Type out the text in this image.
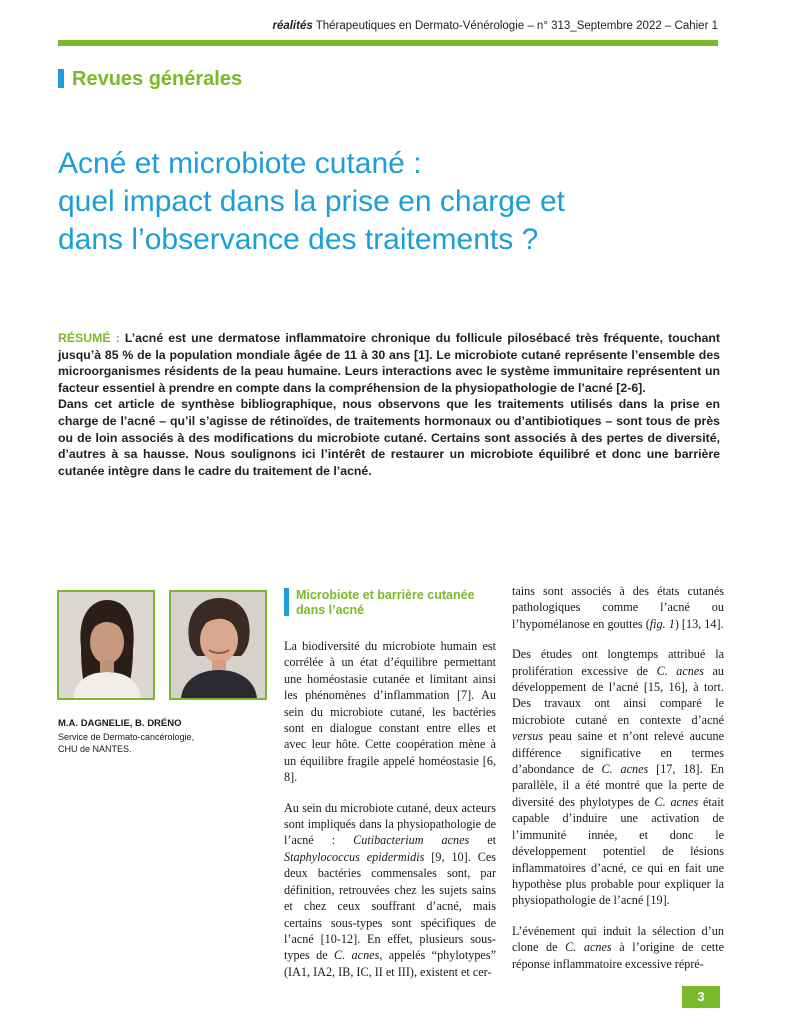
réalités Thérapeutiques en Dermato-Vénérologie – n° 313_Septembre 2022 – Cahier 1
Revues générales
Acné et microbiote cutané :
quel impact dans la prise en charge et
dans l’observance des traitements ?
RÉSUMÉ : L’acné est une dermatose inflammatoire chronique du follicule pilosébacé très fréquente, touchant jusqu’à 85 % de la population mondiale âgée de 11 à 30 ans [1]. Le microbiote cutané représente l’ensemble des microorganismes résidents de la peau humaine. Leurs interactions avec le système immunitaire représentent un facteur essentiel à prendre en compte dans la compréhension de la physiopathologie de l’acné [2-6].
Dans cet article de synthèse bibliographique, nous observons que les traitements utilisés dans la prise en charge de l’acné – qu’il s’agisse de rétinoïdes, de traitements hormonaux ou d’antibiotiques – sont tous de près ou de loin associés à des modifications du microbiote cutané. Certains sont associés à des pertes de diversité, d’autres à sa hausse. Nous soulignons ici l’intérêt de restaurer un microbiote équilibré et donc une barrière cutanée intègre dans le cadre du traitement de l’acné.
M.A. DAGNELIE, B. DRÉNO
Service de Dermato-cancérologie,
CHU de NANTES.
Microbiote et barrière cutanée dans l’acné

La biodiversité du microbiote humain est corrélée à un état d’équilibre permettant une homéostasie cutanée et limitant ainsi les phénomènes d’inflammation [7]. Au sein du microbiote cutané, les bactéries sont en dialogue constant entre elles et avec leur hôte. Cette coopération mène à un équilibre fragile appelé homéostasie [6, 8].

Au sein du microbiote cutané, deux acteurs sont impliqués dans la physiopathologie de l’acné : Cutibacterium acnes et Staphylococcus epidermidis [9, 10]. Ces deux bactéries commensales sont, par définition, retrouvées chez les sujets sains et chez ceux souffrant d’acné, mais certains sous-types sont spécifiques de l’acné [10-12]. En effet, plusieurs sous-types de C. acnes, appelés “phylotypes” (IA1, IA2, IB, IC, II et III), existent et cer-

tains sont associés à des états cutanés pathologiques comme l’acné ou l’hypomélanose en gouttes (fig. 1) [13, 14].

Des études ont longtemps attribué la prolifération excessive de C. acnes au développement de l’acné [15, 16], à tort. Des travaux ont ainsi comparé le microbiote cutané en contexte d’acné versus peau saine et n’ont relevé aucune différence significative en termes d’abondance de C. acnes [17, 18]. En parallèle, il a été montré que la perte de diversité des phylotypes de C. acnes était capable d’induire une activation de l’immunité innée, et donc le développement potentiel de lésions inflammatoires d’acné, ce qui en fait une hypothèse plus probable pour expliquer la physiopathologie de l’acné [19].

L’événement qui induit la sélection d’un clone de C. acnes à l’origine de cette réponse inflammatoire excessive répré-

3
